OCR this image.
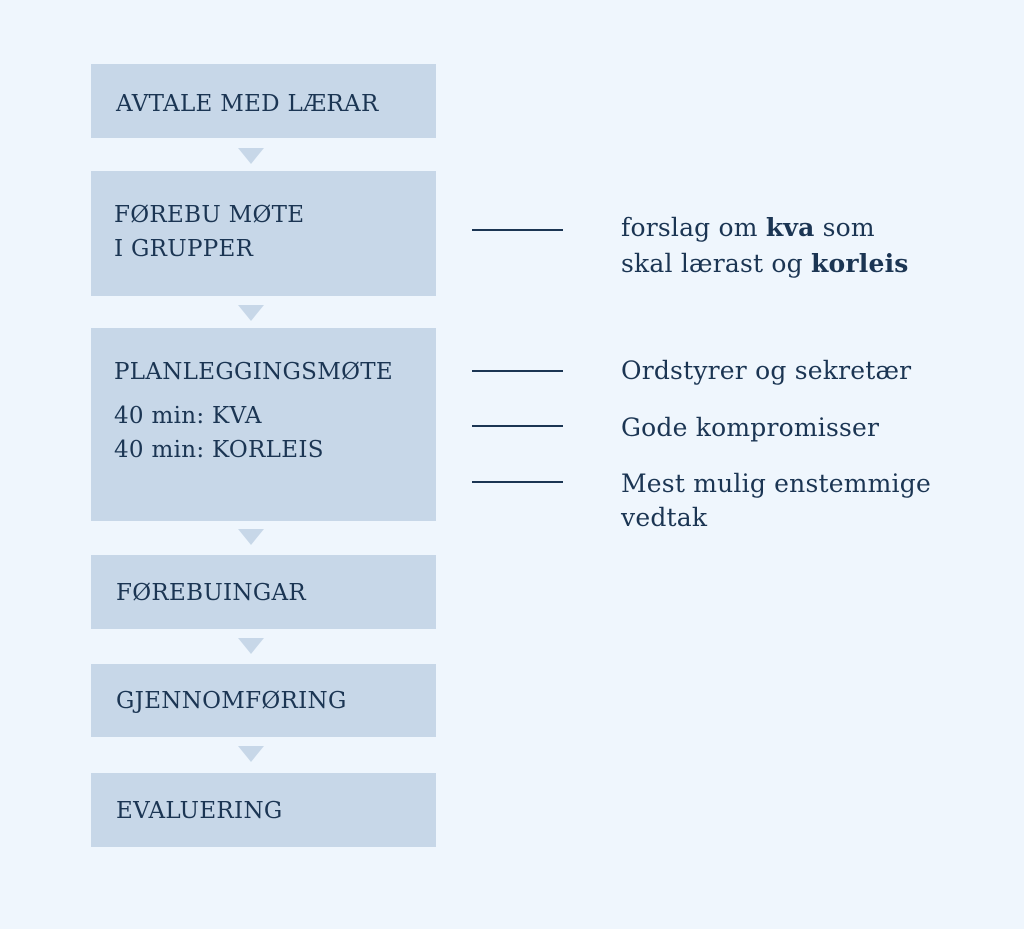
AVTALE MED LÆRAR
FØREBU MØTE
I GRUPPER
PLANLEGGINGSMØTE
40 min: KVA
40 min: KORLEIS
FØREBUINGAR
GJENNOMFØRING
EVALUERING
forslag om kva som
skal lærast og korleis
Ordstyrer og sekretær
Gode kompromisser
Mest mulig enstemmige
vedtak
